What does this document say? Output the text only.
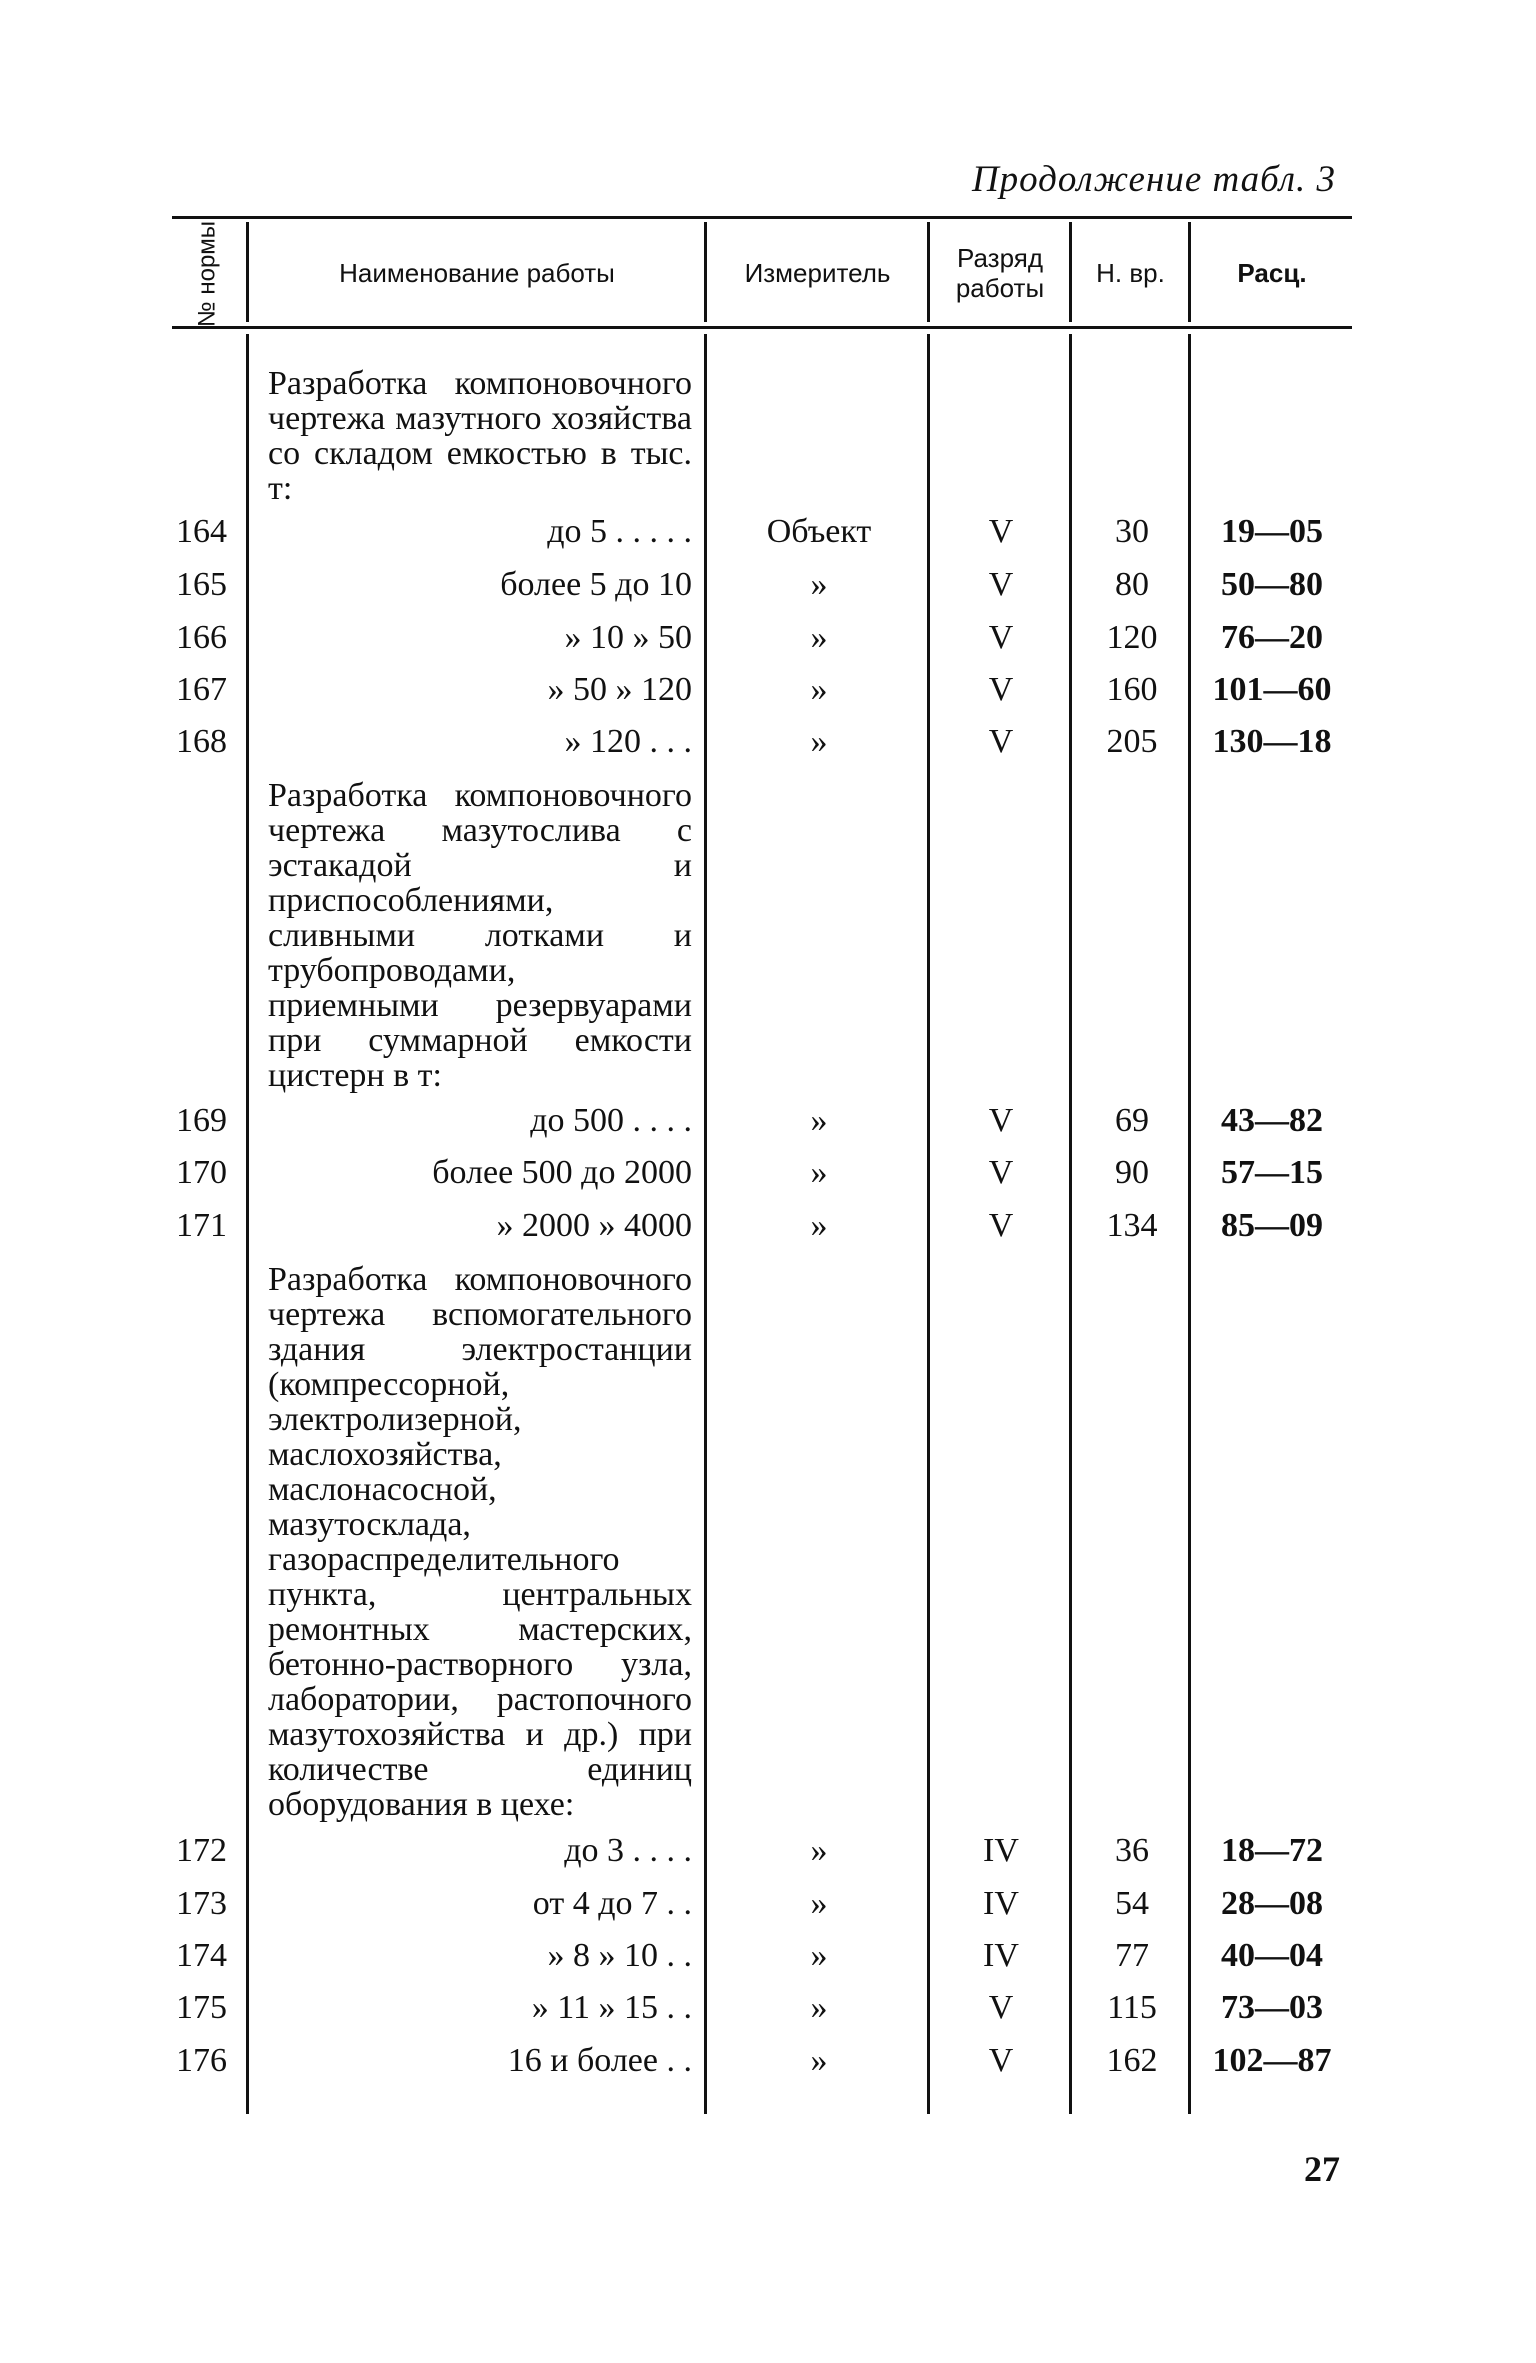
Продолжение табл. 3
№ нормы	Наименование работы	Измеритель	Разряд работы	Н. вр.	Расц.
Разработка компоновочного чертежа мазутного хозяйства со складом емкостью в тыс. т:
164	до 5 . . . . .	Объект	V	30	19—05
165	более 5 до 10	»	V	80	50—80
166	» 10 » 50	»	V	120	76—20
167	» 50 » 120	»	V	160	101—60
168	» 120 . . .	»	V	205	130—18
Разработка компоновочного чертежа мазутослива с эстакадой и приспособлениями, сливными лотками и трубопроводами, приемными резервуарами при суммарной емкости цистерн в т:
169	до 500 . . . .	»	V	69	43—82
170	более 500 до 2000	»	V	90	57—15
171	» 2000 » 4000	»	V	134	85—09
Разработка компоновочного чертежа вспомогательного здания электростанции (компрессорной, электролизерной, маслохозяйства, маслонасосной, мазутосклада, газораспределительного пункта, центральных ремонтных мастерских, бетонно-растворного узла, лаборатории, растопочного мазутохозяйства и др.) при количестве единиц оборудования в цехе:
172	до 3 . . . .	»	IV	36	18—72
173	от 4 до 7 . .	»	IV	54	28—08
174	» 8 » 10 . .	»	IV	77	40—04
175	» 11 » 15 . .	»	V	115	73—03
176	16 и более . .	»	V	162	102—87
27
